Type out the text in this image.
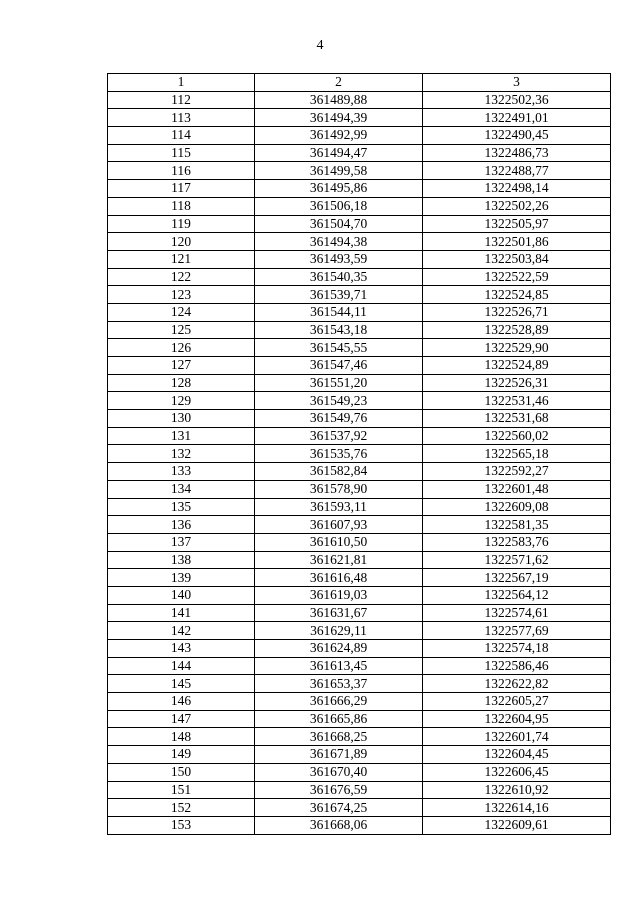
4
1	2	3
112	361489,88	1322502,36
113	361494,39	1322491,01
114	361492,99	1322490,45
115	361494,47	1322486,73
116	361499,58	1322488,77
117	361495,86	1322498,14
118	361506,18	1322502,26
119	361504,70	1322505,97
120	361494,38	1322501,86
121	361493,59	1322503,84
122	361540,35	1322522,59
123	361539,71	1322524,85
124	361544,11	1322526,71
125	361543,18	1322528,89
126	361545,55	1322529,90
127	361547,46	1322524,89
128	361551,20	1322526,31
129	361549,23	1322531,46
130	361549,76	1322531,68
131	361537,92	1322560,02
132	361535,76	1322565,18
133	361582,84	1322592,27
134	361578,90	1322601,48
135	361593,11	1322609,08
136	361607,93	1322581,35
137	361610,50	1322583,76
138	361621,81	1322571,62
139	361616,48	1322567,19
140	361619,03	1322564,12
141	361631,67	1322574,61
142	361629,11	1322577,69
143	361624,89	1322574,18
144	361613,45	1322586,46
145	361653,37	1322622,82
146	361666,29	1322605,27
147	361665,86	1322604,95
148	361668,25	1322601,74
149	361671,89	1322604,45
150	361670,40	1322606,45
151	361676,59	1322610,92
152	361674,25	1322614,16
153	361668,06	1322609,61
